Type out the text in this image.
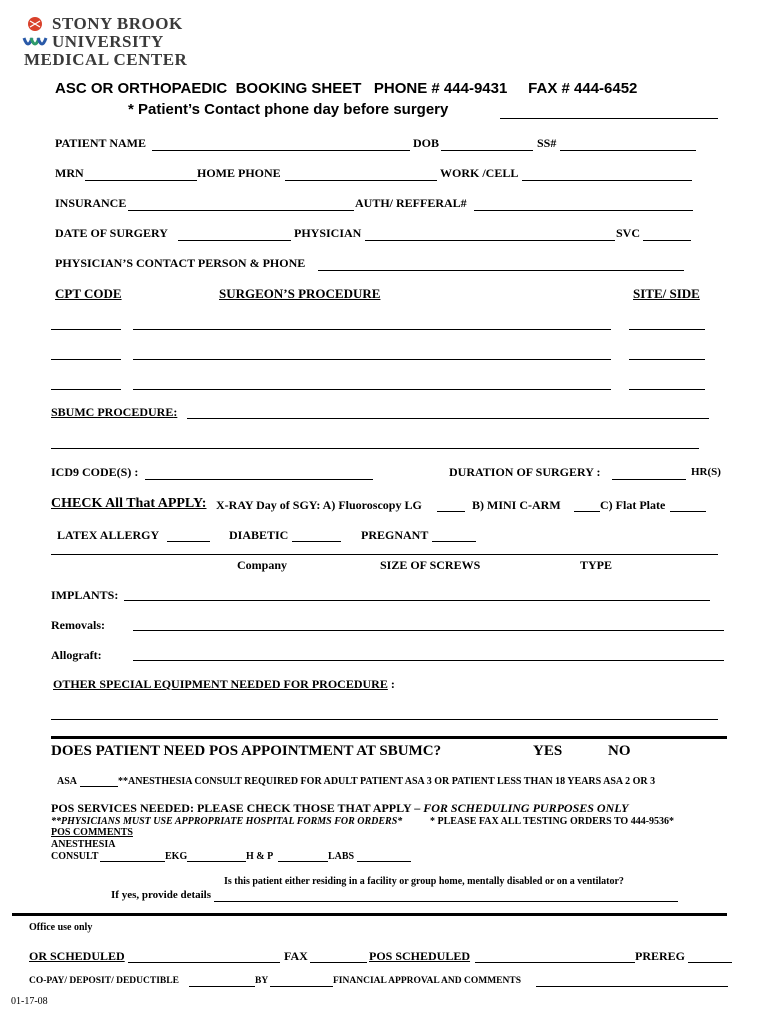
STONY BROOK
UNIVERSITY
MEDICAL CENTER
ASC OR ORTHOPAEDIC  BOOKING SHEET   PHONE # 444-9431     FAX # 444-6452
* Patient’s Contact phone day before surgery
PATIENT NAME	DOB	SS#
MRN	HOME PHONE	WORK /CELL
INSURANCE	AUTH/ REFFERAL#
DATE OF SURGERY	PHYSICIAN	SVC
PHYSICIAN’S CONTACT PERSON & PHONE
CPT CODE	SURGEON’S PROCEDURE	SITE/ SIDE
SBUMC PROCEDURE:
ICD9 CODE(S) :	DURATION OF SURGERY :	HR(S)
CHECK All That APPLY: X-RAY Day of SGY: A) Fluoroscopy LG	B) MINI C-ARM	C) Flat Plate
LATEX ALLERGY	DIABETIC	PREGNANT
Company	SIZE OF SCREWS	TYPE
IMPLANTS:
Removals:
Allograft:
OTHER SPECIAL EQUIPMENT NEEDED FOR PROCEDURE :
DOES PATIENT NEED POS APPOINTMENT AT SBUMC?	YES	NO
ASA	**ANESTHESIA CONSULT REQUIRED FOR ADULT PATIENT ASA 3 OR PATIENT LESS THAN 18 YEARS ASA 2 OR 3
POS SERVICES NEEDED: PLEASE CHECK THOSE THAT APPLY – FOR SCHEDULING PURPOSES ONLY
**PHYSICIANS MUST USE APPROPRIATE HOSPITAL FORMS FOR ORDERS*	* PLEASE FAX ALL TESTING ORDERS TO 444-9536*
POS COMMENTS
ANESTHESIA
CONSULT	EKG	H & P	LABS
Is this patient either residing in a facility or group home, mentally disabled or on a ventilator?
If yes, provide details
Office use only
OR SCHEDULED	FAX	POS SCHEDULED	PREREG
CO-PAY/ DEPOSIT/ DEDUCTIBLE	BY	FINANCIAL APPROVAL AND COMMENTS
01-17-08
